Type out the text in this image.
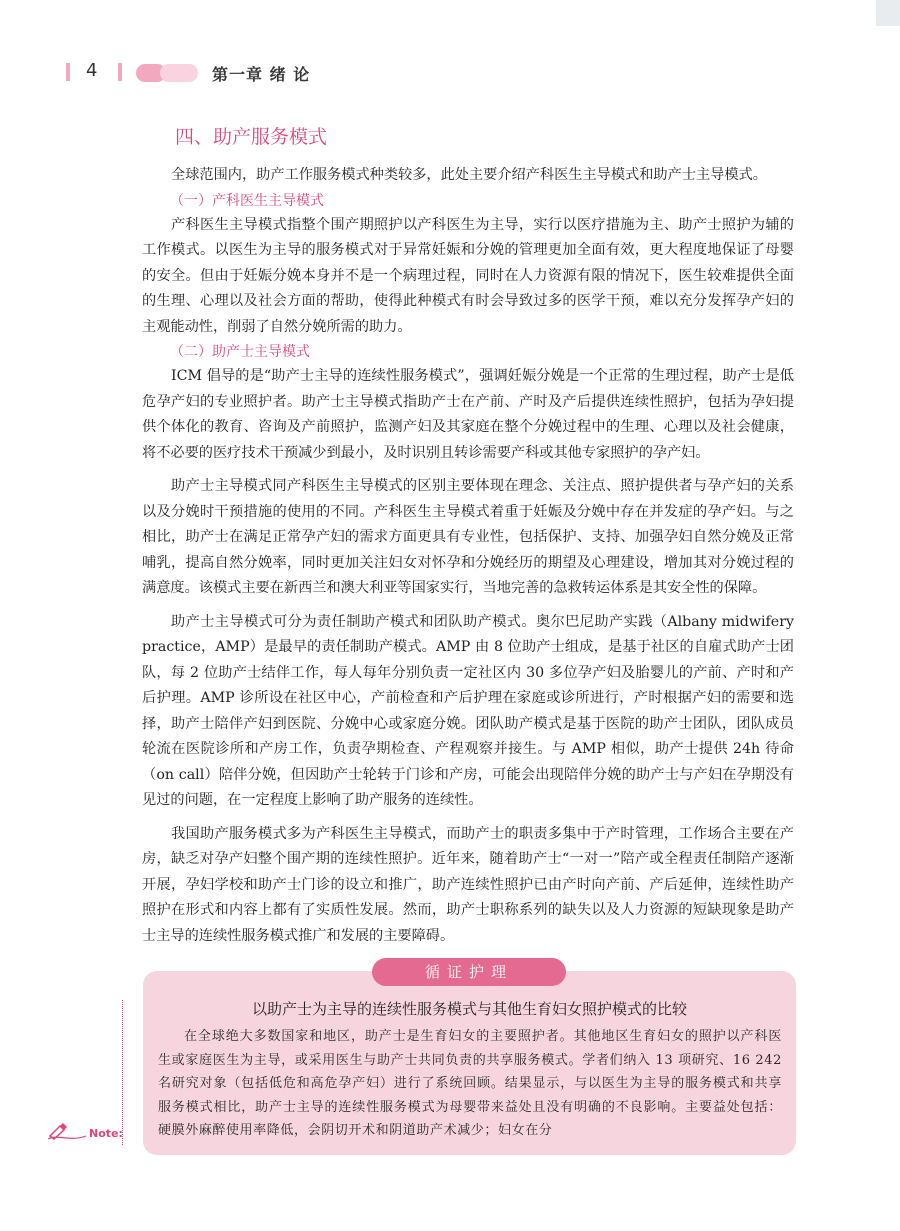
4	第一章 绪 论
四、助产服务模式

全球范围内，助产工作服务模式种类较多，此处主要介绍产科医生主导模式和助产士主导模式。

（一）产科医生主导模式

产科医生主导模式指整个围产期照护以产科医生为主导，实行以医疗措施为主、助产士照护为辅的工作模式。以医生为主导的服务模式对于异常妊娠和分娩的管理更加全面有效，更大程度地保证了母婴的安全。但由于妊娠分娩本身并不是一个病理过程，同时在人力资源有限的情况下，医生较难提供全面的生理、心理以及社会方面的帮助，使得此种模式有时会导致过多的医学干预，难以充分发挥孕产妇的主观能动性，削弱了自然分娩所需的助力。

（二）助产士主导模式

ICM 倡导的是“助产士主导的连续性服务模式”，强调妊娠分娩是一个正常的生理过程，助产士是低危孕产妇的专业照护者。助产士主导模式指助产士在产前、产时及产后提供连续性照护，包括为孕妇提供个体化的教育、咨询及产前照护，监测产妇及其家庭在整个分娩过程中的生理、心理以及社会健康，将不必要的医疗技术干预减少到最小，及时识别且转诊需要产科或其他专家照护的孕产妇。

助产士主导模式同产科医生主导模式的区别主要体现在理念、关注点、照护提供者与孕产妇的关系以及分娩时干预措施的使用的不同。产科医生主导模式着重于妊娠及分娩中存在并发症的孕产妇。与之相比，助产士在满足正常孕产妇的需求方面更具有专业性，包括保护、支持、加强孕妇自然分娩及正常哺乳，提高自然分娩率，同时更加关注妇女对怀孕和分娩经历的期望及心理建设，增加其对分娩过程的满意度。该模式主要在新西兰和澳大利亚等国家实行，当地完善的急救转运体系是其安全性的保障。

助产士主导模式可分为责任制助产模式和团队助产模式。奥尔巴尼助产实践（Albany midwifery practice，AMP）是最早的责任制助产模式。AMP 由 8 位助产士组成，是基于社区的自雇式助产士团队，每 2 位助产士结伴工作，每人每年分别负责一定社区内 30 多位孕产妇及胎婴儿的产前、产时和产后护理。AMP 诊所设在社区中心，产前检查和产后护理在家庭或诊所进行，产时根据产妇的需要和选择，助产士陪伴产妇到医院、分娩中心或家庭分娩。团队助产模式是基于医院的助产士团队，团队成员轮流在医院诊所和产房工作，负责孕期检查、产程观察并接生。与 AMP 相似，助产士提供 24h 待命（on call）陪伴分娩，但因助产士轮转于门诊和产房，可能会出现陪伴分娩的助产士与产妇在孕期没有见过的问题，在一定程度上影响了助产服务的连续性。

我国助产服务模式多为产科医生主导模式，而助产士的职责多集中于产时管理，工作场合主要在产房，缺乏对孕产妇整个围产期的连续性照护。近年来，随着助产士“一对一”陪产或全程责任制陪产逐渐开展，孕妇学校和助产士门诊的设立和推广，助产连续性照护已由产时向产前、产后延伸，连续性助产照护在形式和内容上都有了实质性发展。然而，助产士职称系列的缺失以及人力资源的短缺现象是助产士主导的连续性服务模式推广和发展的主要障碍。

循证护理
以助产士为主导的连续性服务模式与其他生育妇女照护模式的比较

在全球绝大多数国家和地区，助产士是生育妇女的主要照护者。其他地区生育妇女的照护以产科医生或家庭医生为主导，或采用医生与助产士共同负责的共享服务模式。学者们纳入 13 项研究、16 242 名研究对象（包括低危和高危孕产妇）进行了系统回顾。结果显示，与以医生为主导的服务模式和共享服务模式相比，助产士主导的连续性服务模式为母婴带来益处且没有明确的不良影响。主要益处包括：硬膜外麻醉使用率降低，会阴切开术和阴道助产术减少；妇女在分

Note:
